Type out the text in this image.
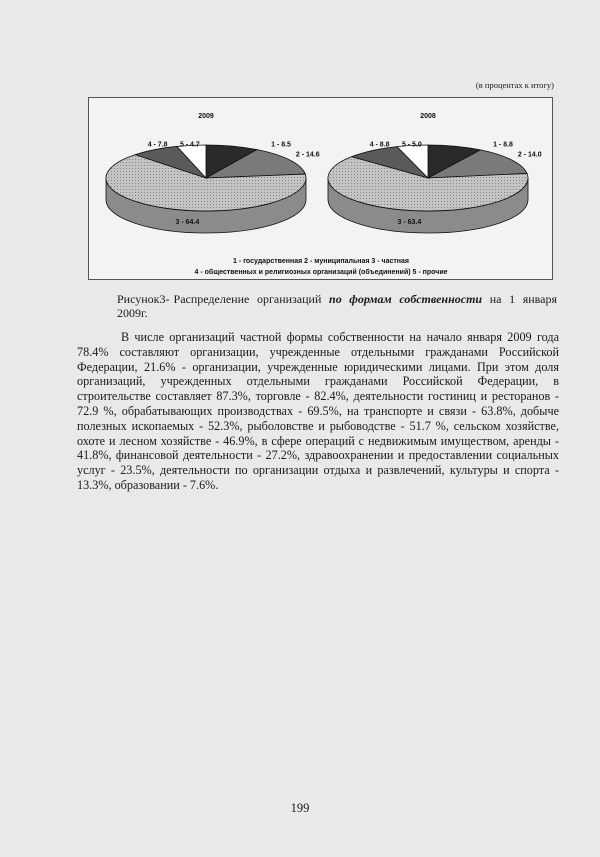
(в процентах к итогу)
2009
1 - 8.5
2 - 14.6
3 - 64.4
4 - 7.8 5 - 4.7
2008
1 - 8.8
2 - 14.0
3 - 63.4
4 - 8.8 5 - 5.0
1 - государственная 2 - муниципальная 3 - частная
4 - общественных и религиозных организаций (объединений) 5 - прочие
Рисунок3- Распределение организаций по формам собственности на 1 января 2009г.
В числе организаций частной формы собственности на начало января 2009 года 78.4% составляют организации, учрежденные отдельными гражданами Российской Федерации, 21.6% - организации, учрежденные юридическими лицами. При этом доля организаций, учрежденных отдельными гражданами Российской Федерации, в строительстве составляет 87.3%, торговле - 82.4%, деятельности гостиниц и ресторанов - 72.9 %, обрабатывающих производствах - 69.5%, на транспорте и связи - 63.8%, добыче полезных ископаемых - 52.3%, рыболовстве и рыбоводстве - 51.7 %, сельском хозяйстве, охоте и лесном хозяйстве - 46.9%, в сфере операций с недвижимым имуществом, аренды - 41.8%, финансовой деятельности - 27.2%, здравоохранении и предоставлении социальных услуг - 23.5%, деятельности по организации отдыха и развлечений, культуры и спорта - 13.3%, образовании - 7.6%.
199
